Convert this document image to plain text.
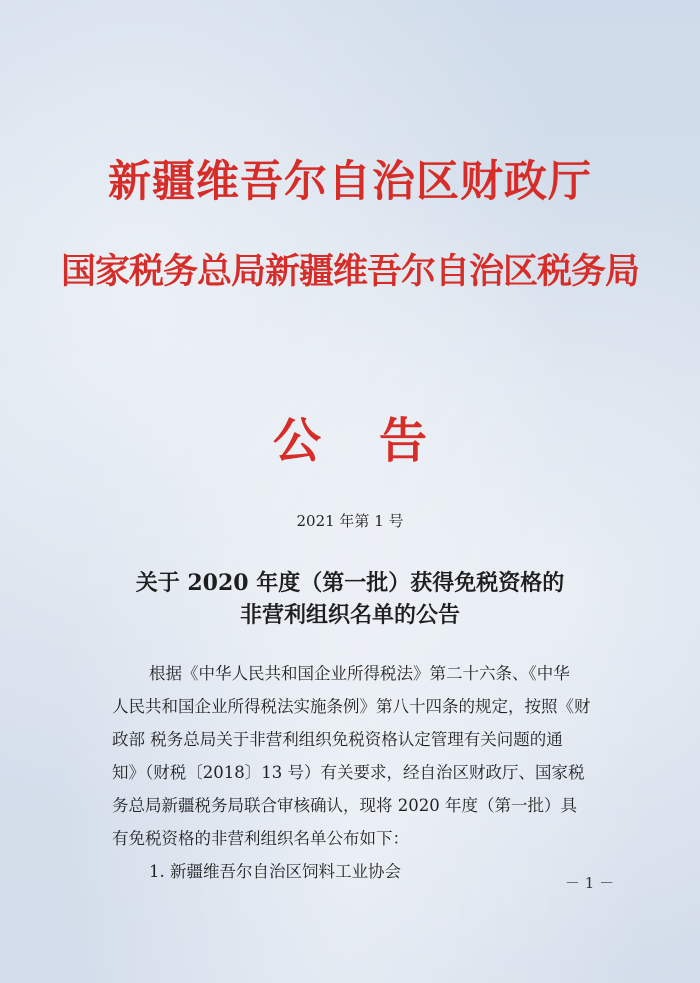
新疆维吾尔自治区财政厅
国家税务总局新疆维吾尔自治区税务局
公告
2021 年第 1 号
关于 2020 年度（第一批）获得免税资格的
非营利组织名单的公告
根据《中华人民共和国企业所得税法》第二十六条、《中华
人民共和国企业所得税法实施条例》第八十四条的规定，按照《财
政部 税务总局关于非营利组织免税资格认定管理有关问题的通
知》（财税〔2018〕13 号）有关要求，经自治区财政厅、国家税
务总局新疆税务局联合审核确认，现将 2020 年度（第一批）具
有免税资格的非营利组织名单公布如下：
1. 新疆维吾尔自治区饲料工业协会
－ 1 －
